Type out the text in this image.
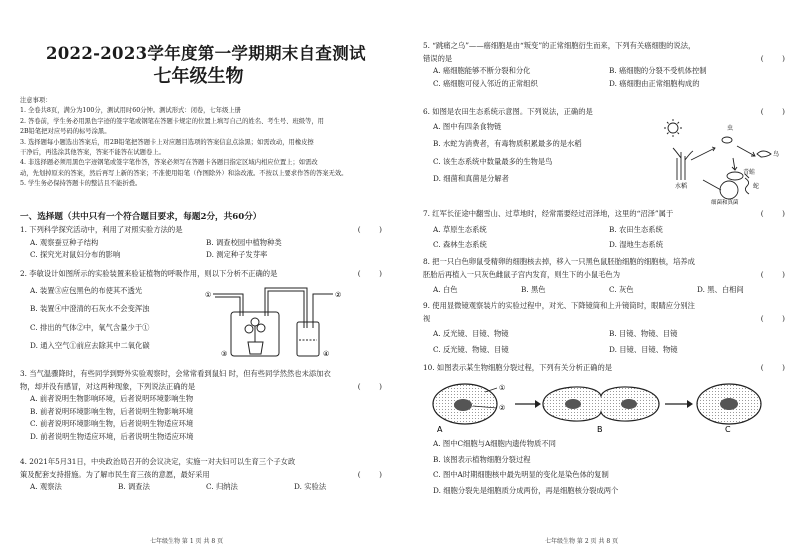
2022-2023学年度第一学期期末自查测试
七年级生物
注意事项：
1. 全卷共8页，满分为100分，测试用时60分钟。测试形式：闭卷，七年级上册
2. 答卷前，学生务必用黑色字迹的签字笔或钢笔在答题卡规定的位置上填写自己的姓名、考生号、班级等，用
2B铅笔把对应号码的标号涂黑。
3. 选择题每小题选出答案后，用2B铅笔把答题卡上对应题目选项的答案信息点涂黑；如需改动，用橡皮擦
干净后，再选涂其他答案，答案不能答在试题卷上。
4. 非选择题必须用黑色字迹钢笔或签字笔作答，答案必须写在答题卡各题目指定区域内相应位置上；如需改
动，先划掉原来的答案，然后再写上新的答案；不准使用铅笔（作图除外）和涂改液。不按以上要求作答的答案无效。
5. 学生务必保持答题卡的整洁且不能折叠。
一、选择题（共中只有一个符合题目要求，每题2分，共60分）
1. 下列科学探究活动中，利用了对照实验方法的是	(        )
A. 观察蚕豆种子结构	B. 调查校园中植物种类
C. 探究光对鼠妇分布的影响	D. 测定种子发芽率
2. 李敏设计如图所示的实验装置来验证植物的呼吸作用，则以下分析不正确的是	(        )
A. 装置③应包黑色的布使其不透光
B. 装置④中澄清的石灰水不会变浑浊
C. 排出的气体②中，氧气含量少于①
D. 通入空气①前应去除其中二氧化碳
①	②
③	④
3. 当气温骤降时，有些同学到野外实验观察时，会常常看到鼠妇 时，但有些同学然然也未添加衣
物，却并没有感冒，对这两种现象，下列说法正确的是	(        )
A. 前者说明生物影响环境，后者说明环境影响生物
B. 前者说明环境影响生物，后者说明生物影响环境
C. 前者说明环境影响生物，后者说明生物适应环境
D. 前者说明生物适应环境，后者说明生物适应环境
4. 2021年5月31日，中央政治局召开的会议决定，实施一对夫妇可以生育三个子女政
策及配套支持措施。为了解市民生育三孩的意愿，最好采用	(        )
A. 观察法	B. 调查法	C. 归纳法	D. 实验法
七年级生物 第 1 页 共 8 页
5. “跳痛之乌”——癌细胞是由“叛变”的正常细胞衍生而来，下列有关癌细胞的说法，
错误的是	(        )
A. 癌细胞能够不断分裂和分化	B. 癌细胞的分裂不受机体控制
C. 癌细胞可侵入邻近的正常组织	D. 癌细胞由正常细胞构成的
6. 如图是农田生态系统示意图。下列说法，正确的是	(        )
A. 图中有四条食物链
B. 水蛇为消费者，有毒物质积累最多的是水稻
C. 该生态系统中数量最多的生物是鸟
D. 细菌和真菌是分解者
虫
鸟
青蛙
蛇
水稻
细菌和真菌
7. 红军长征途中翻雪山、过草地时，经常需要经过沼泽地，这里的“沼泽”属于	(        )
A. 草原生态系统	B. 农田生态系统
C. 森林生态系统	D. 湿地生态系统
8. 把一只白色卵鼠受精卵的细胞核去掉，移入一只黑色鼠胚胎细胞的细胞核，培养成
胚胎后再植入一只灰色雌鼠子宫内发育，则生下的小鼠毛色为	(        )
A. 白色	B. 黑色	C. 灰色	D. 黑、白相间
9. 使用显微镜观察装片的实验过程中，对光、下降镜筒和上升镜筒时，眼睛应分别注
视	(        )
A. 反光镜、目镜、物镜	B. 目镜、物镜、目镜
C. 反光镜、物镜、目镜	D. 目镜、目镜、物镜
10. 如图表示某生物细胞分裂过程，下列有关分析正确的是	(        )
①
②
A	B	C
A. 图中C细胞与A细胞内遗传物质不同
B. 该图表示植物细胞分裂过程
C. 图中A时期细胞核中最先明显的变化是染色体的复制
D. 细胞分裂先是细胞质分成两份，再是细胞核分裂成两个
七年级生物 第 2 页 共 8 页
